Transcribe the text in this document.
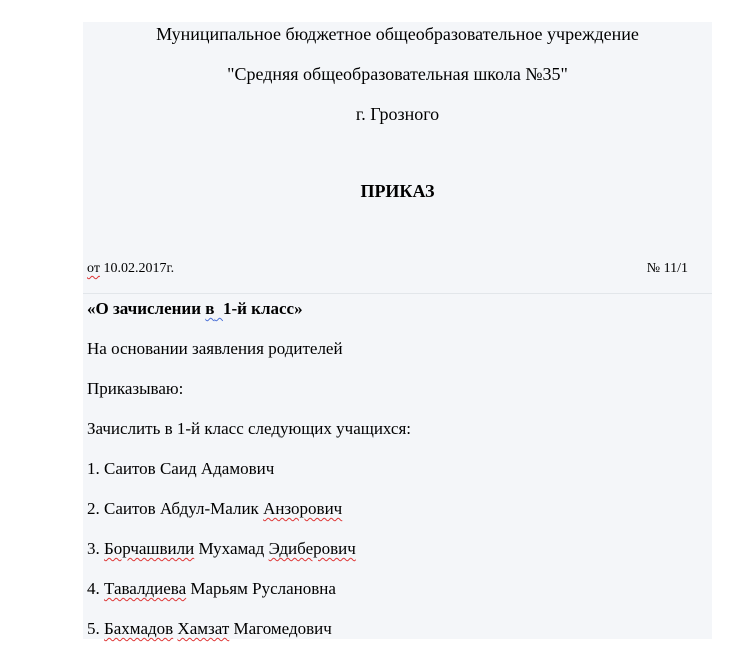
Муниципальное бюджетное общеобразовательное учреждение
"Средняя общеобразовательная школа №35"
г. Грозного
ПРИКАЗ
от 10.02.2017г.	№ 11/1
«О зачислении в 1-й класс»
На основании заявления родителей
Приказываю:
Зачислить в 1-й класс следующих учащихся:
1. Саитов Саид Адамович
2. Саитов Абдул-Малик Анзорович
3. Борчашвили Мухамад Эдиберович
4. Тавалдиева Марьям Руслановна
5. Бахмадов Хамзат Магомедович
